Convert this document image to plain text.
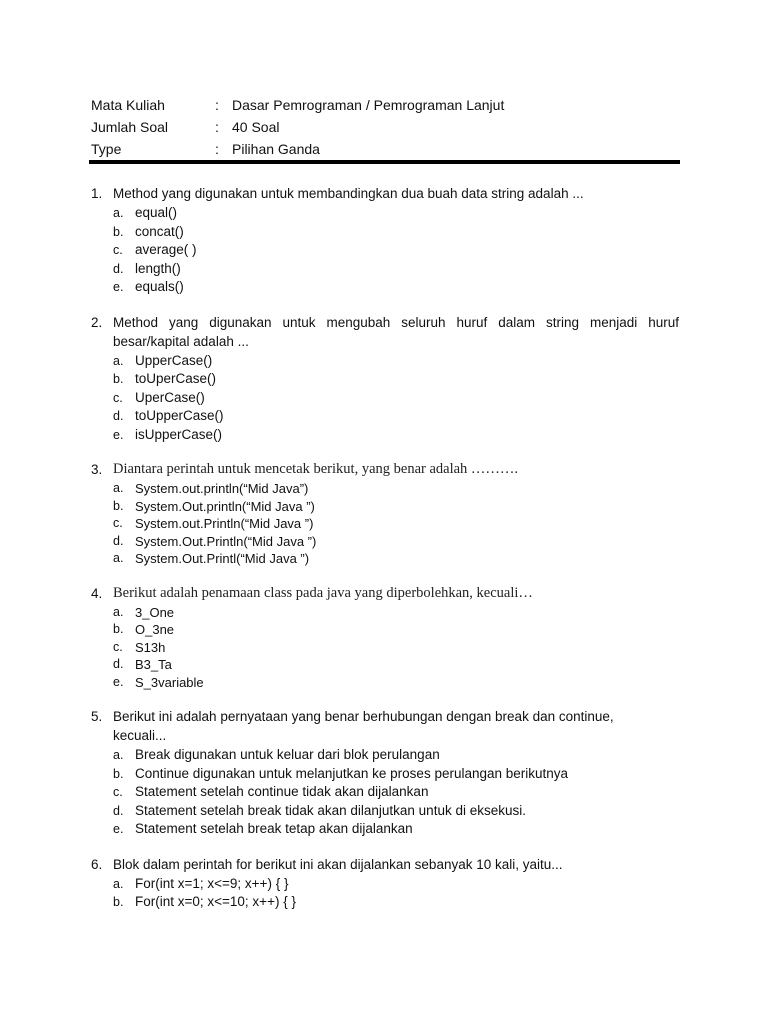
Mata Kuliah	: Dasar Pemrograman / Pemrograman Lanjut
Jumlah Soal	: 40 Soal
Type	: Pilihan Ganda
1. Method yang digunakan untuk membandingkan dua buah data string adalah ...
a. equal()
b. concat()
c. average( )
d. length()
e. equals()
2. Method yang digunakan untuk mengubah seluruh huruf dalam string menjadi huruf besar/kapital adalah ...
a. UpperCase()
b. toUperCase()
c. UperCase()
d. toUpperCase()
e. isUpperCase()
3. Diantara perintah untuk mencetak berikut, yang benar adalah ……….
a. System.out.println(“Mid Java”)
b. System.Out.println(“Mid Java ”)
c. System.out.Println(“Mid Java ”)
d. System.Out.Println(“Mid Java ”)
a. System.Out.Printl(“Mid Java ”)
4. Berikut adalah penamaan class pada java yang diperbolehkan, kecuali…
a. 3_One
b. O_3ne
c. S13h
d. B3_Ta
e. S_3variable
5. Berikut ini adalah pernyataan yang benar berhubungan dengan break dan continue, kecuali...
a. Break digunakan untuk keluar dari blok perulangan
b. Continue digunakan untuk melanjutkan ke proses perulangan berikutnya
c. Statement setelah continue tidak akan dijalankan
d. Statement setelah break tidak akan dilanjutkan untuk di eksekusi.
e. Statement setelah break tetap akan dijalankan
6. Blok dalam perintah for berikut ini akan dijalankan sebanyak 10 kali, yaitu...
a. For(int x=1; x<=9; x++) { }
b. For(int x=0; x<=10; x++) { }
